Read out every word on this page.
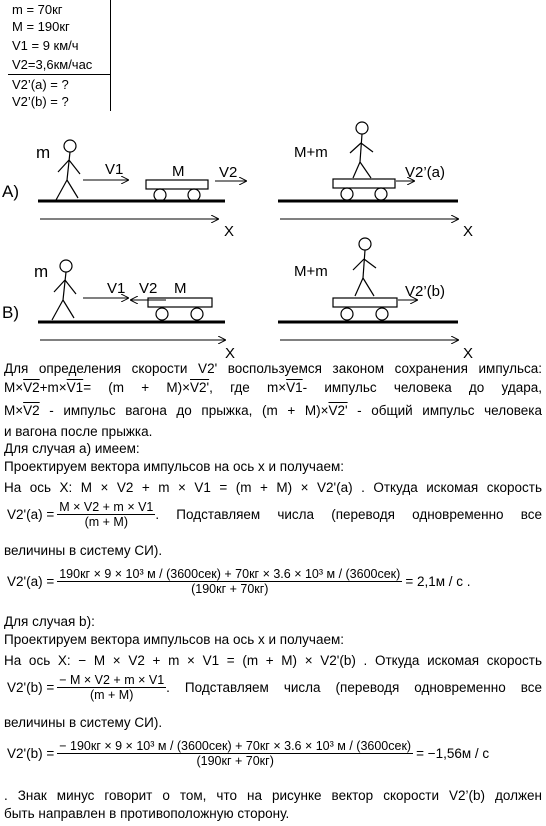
m = 70кг
M = 190кг
V1 = 9 км/ч
V2=3,6км/час
V2’(a) = ?
V2’(b) = ?
A)
X
m
V1	M V2
X
M+m
V2’(a)
B)
X
m
V1 V2 M
X
M+m
V2’(b)
Для определения скорости V2' воспользуемся законом сохранения импульса:
M×V2+m×V1= (m + M)×V2', где m×V1- импульс человека до удара,
M×V2 - импульс вагона до прыжка, (m + M)×V2' - общий импульс человека
и вагона после прыжка.
Для случая а) имеем:
Проектируем вектора импульсов на ось x и получаем:
На ось X: M × V2 + m × V1 = (m + M) × V2'(a) . Откуда искомая скорость
$V2'(a) = \frac{M \times V2 + m \times V1}{(m + M)}$ . Подставляем числа (переводя одновременно все
величины в систему СИ).
V2'(a) = 190кг × 9 × 10³ м / (3600сек) + 70кг × 3.6 × 10³ м / (3600сек)
(190кг + 70кг)	= 2,1м / с .
Для случая b):
Проектируем вектора импульсов на ось x и получаем:
На ось X: − M × V2 + m × V1 = (m + M) × V2'(b) . Откуда искомая скорость
$V2'(b) = \frac{- M \times V2 + m \times V1}{(m + M)}$ . Подставляем числа (переводя одновременно все
величины в систему СИ).
V2'(b) = − 190кг × 9 × 10³ м / (3600сек) + 70кг × 3.6 × 10³ м / (3600сек)
(190кг + 70кг)	= −1,56м / с
. Знак минус говорит о том, что на рисунке вектор скорости V2’(b) должен
быть направлен в противоположную сторону.
